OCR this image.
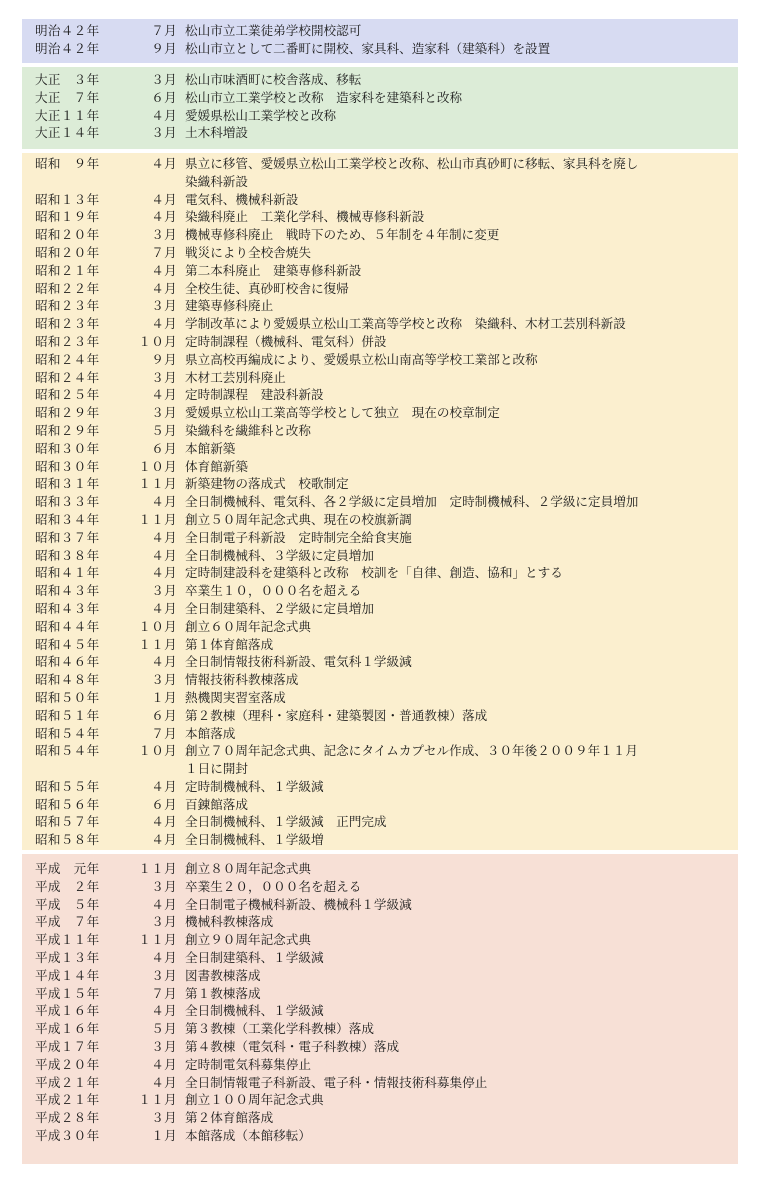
明治４２年	７月 松山市立工業徒弟学校開校認可
明治４２年	９月 松山市立として二番町に開校、家具科、造家科（建築科）を設置
大正　３年	３月 松山市味酒町に校舎落成、移転
大正　７年	６月 松山市立工業学校と改称　造家科を建築科と改称
大正１１年	４月 愛媛県松山工業学校と改称
大正１４年	３月 土木科増設
昭和　９年	４月 県立に移管、愛媛県立松山工業学校と改称、松山市真砂町に移転、家具科を廃し
染織科新設
昭和１３年	４月 電気科、機械科新設
昭和１９年	４月 染織科廃止　工業化学科、機械専修科新設
昭和２０年	３月 機械専修科廃止　戦時下のため、５年制を４年制に変更
昭和２０年	７月 戦災により全校舎焼失
昭和２１年	４月 第二本科廃止　建築専修科新設
昭和２２年	４月 全校生徒、真砂町校舎に復帰
昭和２３年	３月 建築専修科廃止
昭和２３年	４月 学制改革により愛媛県立松山工業高等学校と改称　染織科、木材工芸別科新設
昭和２３年	１０月 定時制課程（機械科、電気科）併設
昭和２４年	９月 県立高校再編成により、愛媛県立松山南高等学校工業部と改称
昭和２４年	３月 木材工芸別科廃止
昭和２５年	４月 定時制課程　建設科新設
昭和２９年	３月 愛媛県立松山工業高等学校として独立　現在の校章制定
昭和２９年	５月 染織科を繊維科と改称
昭和３０年	６月 本館新築
昭和３０年	１０月 体育館新築
昭和３１年	１１月 新築建物の落成式　校歌制定
昭和３３年	４月 全日制機械科、電気科、各２学級に定員増加　定時制機械科、２学級に定員増加
昭和３４年	１１月 創立５０周年記念式典、現在の校旗新調
昭和３７年	４月 全日制電子科新設　定時制完全給食実施
昭和３８年	４月 全日制機械科、３学級に定員増加
昭和４１年	４月 定時制建設科を建築科と改称　校訓を「自律、創造、協和」とする
昭和４３年	３月 卒業生１０，０００名を超える
昭和４３年	４月 全日制建築科、２学級に定員増加
昭和４４年	１０月 創立６０周年記念式典
昭和４５年	１１月 第１体育館落成
昭和４６年	４月 全日制情報技術科新設、電気科１学級減
昭和４８年	３月 情報技術科教棟落成
昭和５０年	１月 熱機関実習室落成
昭和５１年	６月 第２教棟（理科・家庭科・建築製図・普通教棟）落成
昭和５４年	７月 本館落成
昭和５４年	１０月 創立７０周年記念式典、記念にタイムカプセル作成、３０年後２００９年１１月
１日に開封
昭和５５年	４月 定時制機械科、１学級減
昭和５６年	６月 百錬館落成
昭和５７年	４月 全日制機械科、１学級減　正門完成
昭和５８年	４月 全日制機械科、１学級増
平成　元年	１１月 創立８０周年記念式典
平成　２年	３月 卒業生２０，０００名を超える
平成　５年	４月 全日制電子機械科新設、機械科１学級減
平成　７年	３月 機械科教棟落成
平成１１年	１１月 創立９０周年記念式典
平成１３年	４月 全日制建築科、１学級減
平成１４年	３月 図書教棟落成
平成１５年	７月 第１教棟落成
平成１６年	４月 全日制機械科、１学級減
平成１６年	５月 第３教棟（工業化学科教棟）落成
平成１７年	３月 第４教棟（電気科・電子科教棟）落成
平成２０年	４月 定時制電気科募集停止
平成２１年	４月 全日制情報電子科新設、電子科・情報技術科募集停止
平成２１年	１１月 創立１００周年記念式典
平成２８年	３月 第２体育館落成
平成３０年	１月 本館落成（本館移転）
